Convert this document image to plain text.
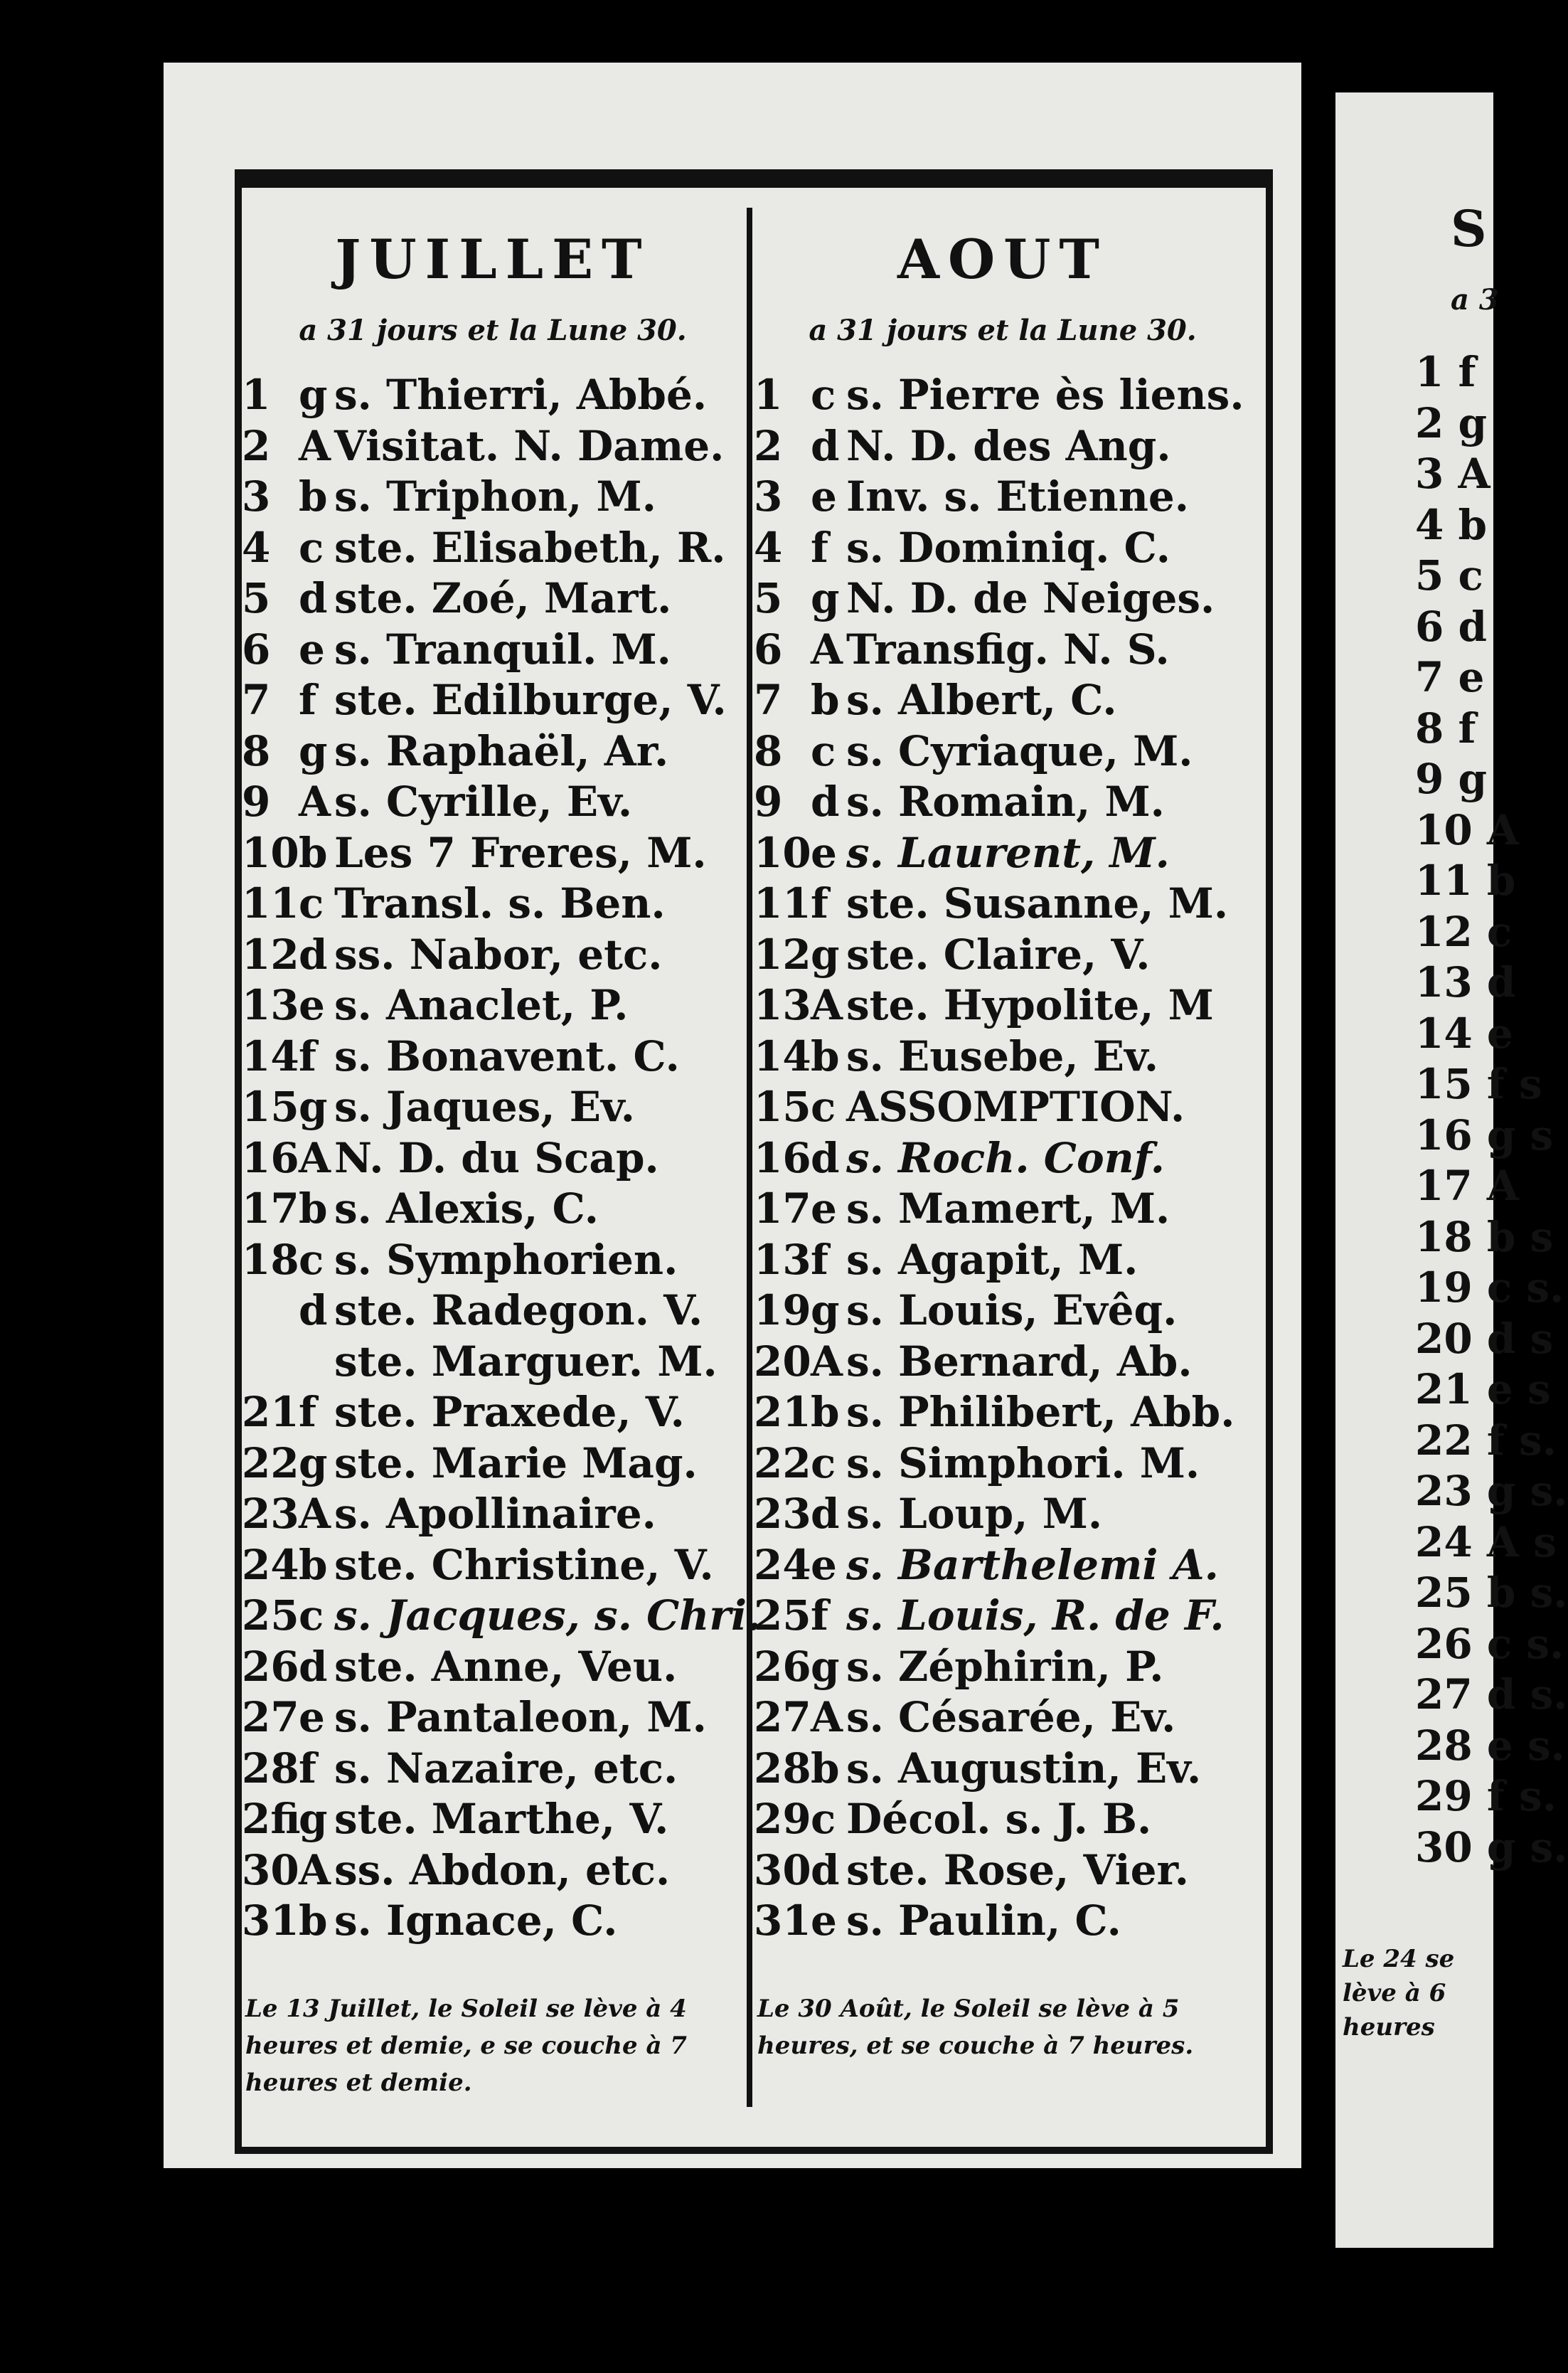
JUILLET
a 31 jours et la Lune 30.
1 g s. Thierri, Abbé.
2 AVisitat. N. Dame.
3 b s. Triphon, M.
4 c ste. Elisabeth, R.
5 d ste. Zoé, Mart.
6 e s. Tranquil. M.
7 f ste. Edilburge, V.
8 g s. Raphaël, Ar.
9 As. Cyrille, Ev.
10b Les 7 Freres, M.
11c Transl. s. Ben.
12d ss. Nabor, etc.
13e s. Anaclet, P.
14f s. Bonavent. C.
15g s. Jaques, Ev.
16AN. D. du Scap.
17b s. Alexis, C.
18c s. Symphorien.
d ste. Radegon. V.
ste. Marguer. M.
21f ste. Praxede, V.
22g ste. Marie Mag.
23As. Apollinaire.
24b ste. Christine, V.
25c s. Jacques, s. Chri.
26d ste. Anne, Veu.
27e s. Pantaleon, M.
28f s. Nazaire, etc.
2fig ste. Marthe, V.
30Ass. Abdon, etc.
31b s. Ignace, C.
AOUT
a 31 jours et la Lune 30.
1 c s. Pierre ès liens.
2 d N. D. des Ang.
3 e Inv. s. Etienne.
4 f s. Dominiq. C.
5 g N. D. de Neiges.
6 ATransfig. N. S.
7 b s. Albert, C.
8 c s. Cyriaque, M.
9 d s. Romain, M.
10e s. Laurent, M.
11f ste. Susanne, M.
12g ste. Claire, V.
13Aste. Hypolite, M
14b s. Eusebe, Ev.
15c ASSOMPTION.
16d s. Roch. Conf.
17e s. Mamert, M.
13f s. Agapit, M.
19g s. Louis, Evêq.
20As. Bernard, Ab.
21b s. Philibert, Abb.
22c s. Simphori. M.
23d s. Loup, M.
24e s. Barthelemi A.
25f s. Louis, R. de F.
26g s. Zéphirin, P.
27As. Césarée, Ev.
28b s. Augustin, Ev.
29c Décol. s. J. B.
30d ste. Rose, Vier.
31e s. Paulin, C.
Le 13 Juillet, le Soleil se lève à 4 heures et demie, e se couche à 7 heures et demie.
Le 30 Août, le Soleil se lève à 5 heures, et se couche à 7 heures.
S
a 3
1 f
2 g
3 A
4 b
5 c
6 d
7 e
8 f
9 g
10 A
11 b
12 c
13 d
14 e
15 f s
16 g s
17 A
18 b s
19 c s.
20 d s
21 e s
22 f s.
23 g s.
24 A s
25 b s.
26 c s.
27 d s.
28 e s.
29 f s.
30 g s.
Le 24 se lève à 6 heures
